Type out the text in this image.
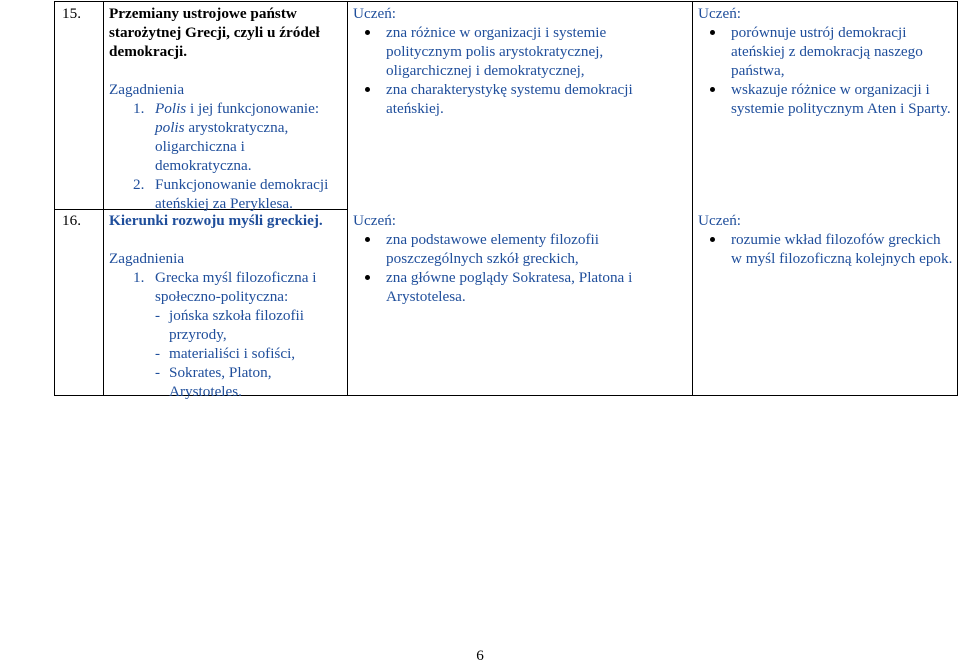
15. Przemiany ustrojowe państw starożytnej Grecji, czyli u źródeł demokracji.
Zagadnienia
1. Polis i jej funkcjonowanie: polis arystokratyczna, oligarchiczna i demokratyczna.
2. Funkcjonowanie demokracji ateńskiej za Peryklesa.
Uczeń:
zna różnice w organizacji i systemie politycznym polis arystokratycznej, oligarchicznej i demokratycznej,
zna charakterystykę systemu demokracji ateńskiej.
Uczeń:
porównuje ustrój demokracji ateńskiej z demokracją naszego państwa,
wskazuje różnice w organizacji i systemie politycznym Aten i Sparty.
16. Kierunki rozwoju myśli greckiej.
Zagadnienia
1. Grecka myśl filozoficzna i społeczno-polityczna:
- jońska szkoła filozofii przyrody,
- materialiści i sofiści,
- Sokrates, Platon, Arystoteles.
Uczeń:
zna podstawowe elementy filozofii poszczególnych szkół greckich,
zna główne poglądy Sokratesa, Platona i Arystotelesa.
Uczeń:
rozumie wkład filozofów greckich w myśl filozoficzną kolejnych epok.
6
